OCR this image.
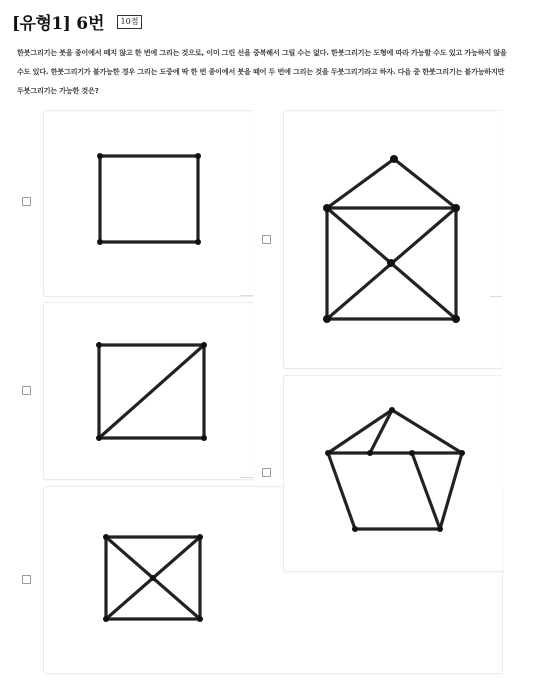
[유형1] 6번	10점
한붓그리기는 붓을 종이에서 떼지 않고 한 번에 그리는 것으로, 이미 그린 선을 중복해서 그릴 수는 없다. 한붓그리기는 도형에 따라 가능할 수도 있고 가능하지 않을 수도 있다. 한붓그리기가 불가능한 경우 그리는 도중에 딱 한 번 종이에서 붓을 떼어 두 번에 그리는 것을 두붓그리기라고 하자. 다음 중 한붓그리기는 불가능하지만 두붓그리기는 가능한 것은?
